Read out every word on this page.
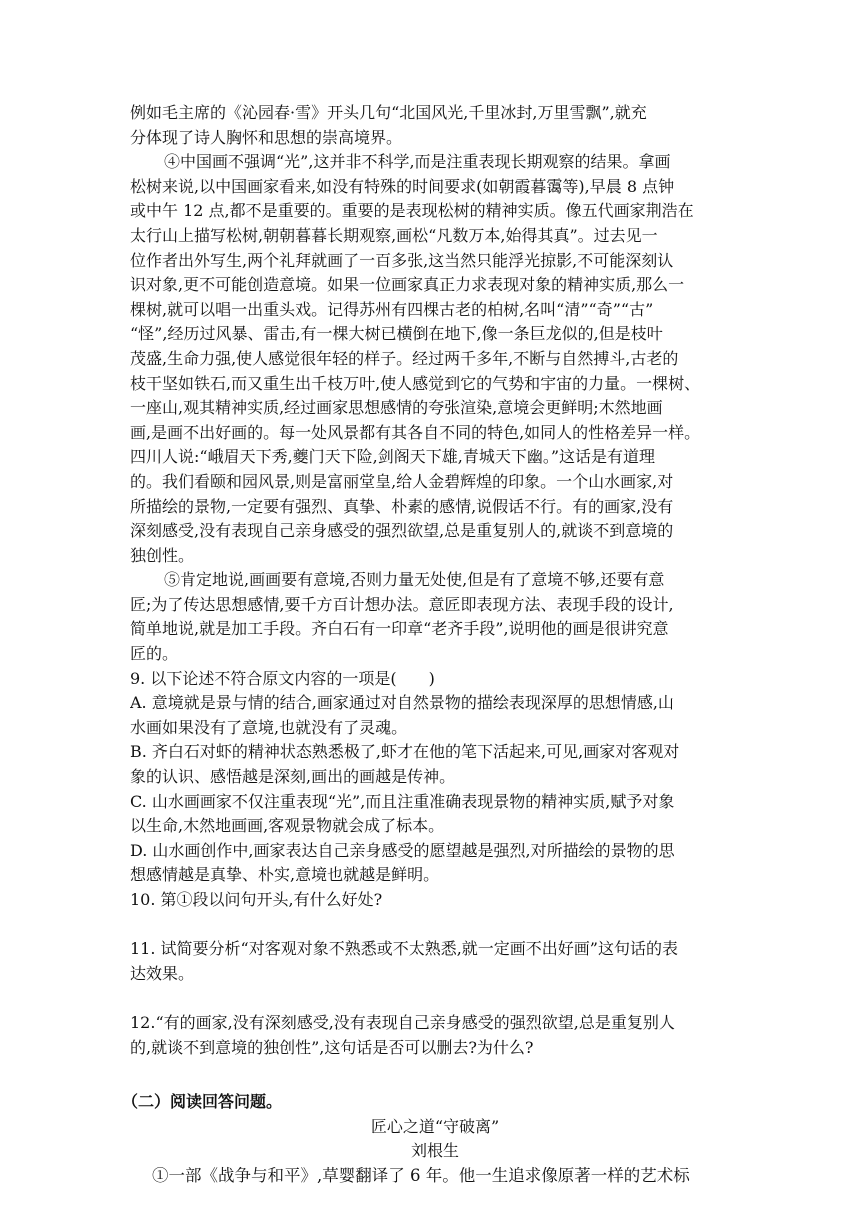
例如毛主席的《沁园春·雪》开头几句“北国风光,千里冰封,万里雪飘”,就充
分体现了诗人胸怀和思想的崇高境界。
④中国画不强调“光”,这并非不科学,而是注重表现长期观察的结果。拿画
松树来说,以中国画家看来,如没有特殊的时间要求(如朝霞暮霭等),早晨 8 点钟
或中午 12 点,都不是重要的。重要的是表现松树的精神实质。像五代画家荆浩在
太行山上描写松树,朝朝暮暮长期观察,画松“凡数万本,始得其真”。过去见一
位作者出外写生,两个礼拜就画了一百多张,这当然只能浮光掠影,不可能深刻认
识对象,更不可能创造意境。如果一位画家真正力求表现对象的精神实质,那么一
棵树,就可以唱一出重头戏。记得苏州有四棵古老的柏树,名叫“清”“奇”“古”
“怪”,经历过风暴、雷击,有一棵大树已横倒在地下,像一条巨龙似的,但是枝叶
茂盛,生命力强,使人感觉很年轻的样子。经过两千多年,不断与自然搏斗,古老的
枝干坚如铁石,而又重生出千枝万叶,使人感觉到它的气势和宇宙的力量。一棵树、
一座山,观其精神实质,经过画家思想感情的夸张渲染,意境会更鲜明;木然地画
画,是画不出好画的。每一处风景都有其各自不同的特色,如同人的性格差异一样。
四川人说:“峨眉天下秀,夔门天下险,剑阁天下雄,青城天下幽。”这话是有道理
的。我们看颐和园风景,则是富丽堂皇,给人金碧辉煌的印象。一个山水画家,对
所描绘的景物,一定要有强烈、真挚、朴素的感情,说假话不行。有的画家,没有
深刻感受,没有表现自己亲身感受的强烈欲望,总是重复别人的,就谈不到意境的
独创性。
⑤肯定地说,画画要有意境,否则力量无处使,但是有了意境不够,还要有意
匠;为了传达思想感情,要千方百计想办法。意匠即表现方法、表现手段的设计,
简单地说,就是加工手段。齐白石有一印章“老齐手段”,说明他的画是很讲究意
匠的。
9. 以下论述不符合原文内容的一项是(　　)
A. 意境就是景与情的结合,画家通过对自然景物的描绘表现深厚的思想情感,山
水画如果没有了意境,也就没有了灵魂。
B. 齐白石对虾的精神状态熟悉极了,虾才在他的笔下活起来,可见,画家对客观对
象的认识、感悟越是深刻,画出的画越是传神。
C. 山水画画家不仅注重表现“光”,而且注重准确表现景物的精神实质,赋予对象
以生命,木然地画画,客观景物就会成了标本。
D. 山水画创作中,画家表达自己亲身感受的愿望越是强烈,对所描绘的景物的思
想感情越是真挚、朴实,意境也就越是鲜明。
10. 第①段以问句开头,有什么好处?
11. 试简要分析“对客观对象不熟悉或不太熟悉,就一定画不出好画”这句话的表
达效果。
12.“有的画家,没有深刻感受,没有表现自己亲身感受的强烈欲望,总是重复别人
的,就谈不到意境的独创性”,这句话是否可以删去?为什么?
（二）阅读回答问题。
匠心之道“守破离”
刘根生
①一部《战争与和平》,草婴翻译了 6 年。他一生追求像原著一样的艺术标
